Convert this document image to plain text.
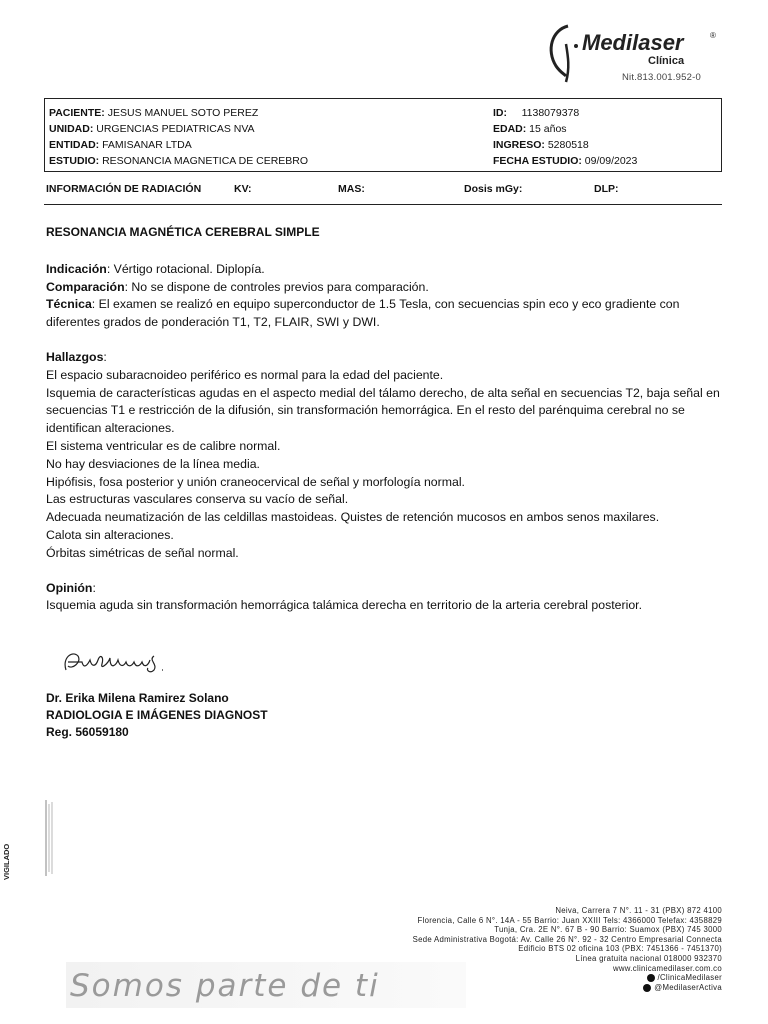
Medilaser	®
Clínica
Nit.813.001.952-0
PACIENTE: JESUS MANUEL SOTO PEREZ
UNIDAD: URGENCIAS PEDIATRICAS NVA
ENTIDAD: FAMISANAR LTDA
ESTUDIO: RESONANCIA MAGNETICA DE CEREBRO
ID: 1138079378
EDAD: 15 años
INGRESO: 5280518
FECHA ESTUDIO: 09/09/2023
INFORMACIÓN DE RADIACIÓN	KV:	MAS:	Dosis mGy:	DLP:

RESONANCIA MAGNÉTICA CEREBRAL SIMPLE

Indicación: Vértigo rotacional. Diplopía.

Comparación: No se dispone de controles previos para comparación.

Técnica: El examen se realizó en equipo superconductor de 1.5 Tesla, con secuencias spin eco y eco gradiente con diferentes grados de ponderación T1, T2, FLAIR, SWI y DWI.

Hallazgos:

El espacio subaracnoideo periférico es normal para la edad del paciente.

Isquemia de características agudas en el aspecto medial del tálamo derecho, de alta señal en secuencias T2, baja señal en secuencias T1 e restricción de la difusión, sin transformación hemorrágica. En el resto del parénquima cerebral no se identifican alteraciones.

El sistema ventricular es de calibre normal.

No hay desviaciones de la línea media.

Hipófisis, fosa posterior y unión craneocervical de señal y morfología normal.

Las estructuras vasculares conserva su vacío de señal.

Adecuada neumatización de las celdillas mastoideas. Quistes de retención mucosos en ambos senos maxilares.

Calota sin alteraciones.

Órbitas simétricas de señal normal.

Opinión:

Isquemia aguda sin transformación hemorrágica talámica derecha en territorio de la arteria cerebral posterior.

Dr. Erika Milena Ramirez Solano
RADIOLOGIA E IMÁGENES DIAGNOST
Reg. 56059180
VIGILADO
Neiva, Carrera 7 N°. 11 - 31 (PBX) 872 4100
Florencia, Calle 6 N°. 14A - 55 Barrio: Juan XXIII Tels: 4366000 Telefax: 4358829
Tunja, Cra. 2E N°. 67 B - 90 Barrio: Suamox (PBX) 745 3000
Sede Administrativa Bogotá: Av. Calle 26 N°. 92 - 32 Centro Empresarial Connecta
Edificio BTS 02 oficina 103 (PBX: 7451366 - 7451370)
Línea gratuita nacional 018000 932370
www.clinicamedilaser.com.co
/ClinicaMedilaser
@MedilaserActiva
Somos parte de ti
